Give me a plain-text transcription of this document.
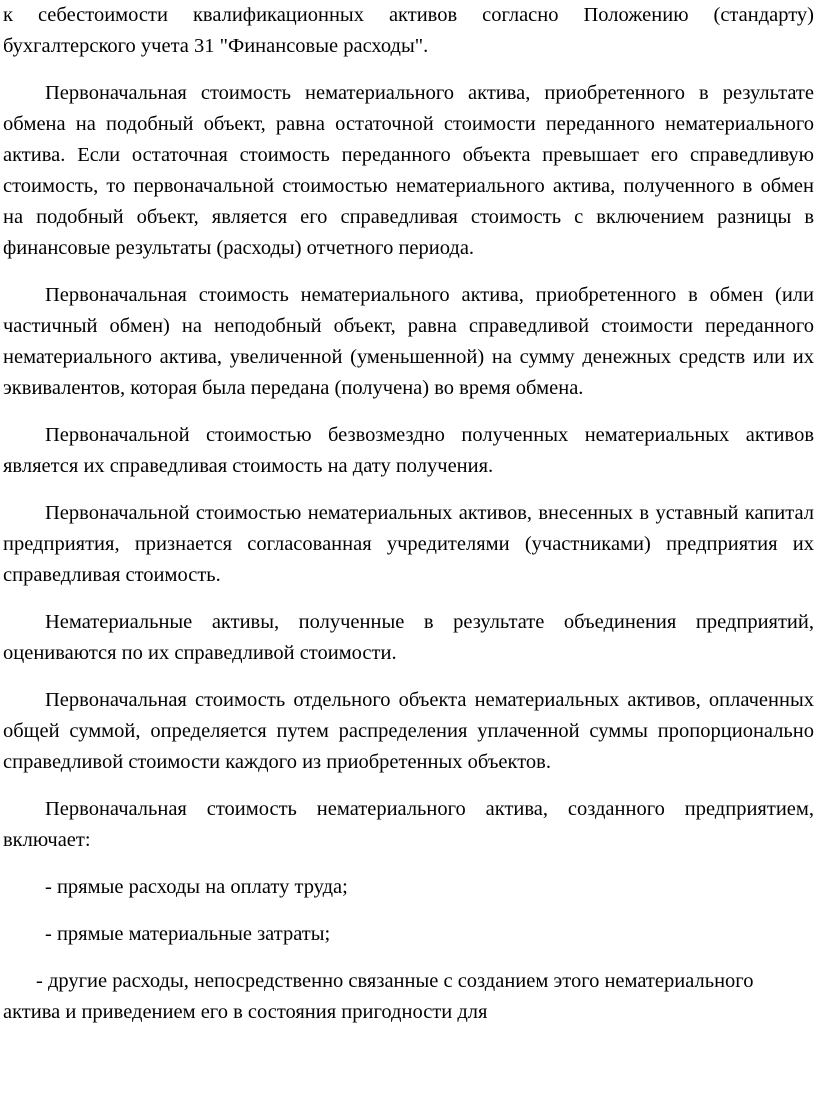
к себестоимости квалификационных активов согласно Положению (стандарту) бухгалтерского учета 31 "Финансовые расходы".

Первоначальная стоимость нематериального актива, приобретенного в результате обмена на подобный объект, равна остаточной стоимости переданного нематериального актива. Если остаточная стоимость переданного объекта превышает его справедливую стоимость, то первоначальной стоимостью нематериального актива, полученного в обмен на подобный объект, является его справедливая стоимость с включением разницы в финансовые результаты (расходы) отчетного периода.

Первоначальная стоимость нематериального актива, приобретенного в обмен (или частичный обмен) на неподобный объект, равна справедливой стоимости переданного нематериального актива, увеличенной (уменьшенной) на сумму денежных средств или их эквивалентов, которая была передана (получена) во время обмена.

Первоначальной стоимостью безвозмездно полученных нематериальных активов является их справедливая стоимость на дату получения.

Первоначальной стоимостью нематериальных активов, внесенных в уставный капитал предприятия, признается согласованная учредителями (участниками) предприятия их справедливая стоимость.

Нематериальные активы, полученные в результате объединения предприятий, оцениваются по их справедливой стоимости.

Первоначальная стоимость отдельного объекта нематериальных активов, оплаченных общей суммой, определяется путем распределения уплаченной суммы пропорционально справедливой стоимости каждого из приобретенных объектов.

Первоначальная стоимость нематериального актива, созданного предприятием, включает:

- прямые расходы на оплату труда;

- прямые материальные затраты;

- другие расходы, непосредственно связанные с созданием этого нематериального актива и приведением его в состояния пригодности для
